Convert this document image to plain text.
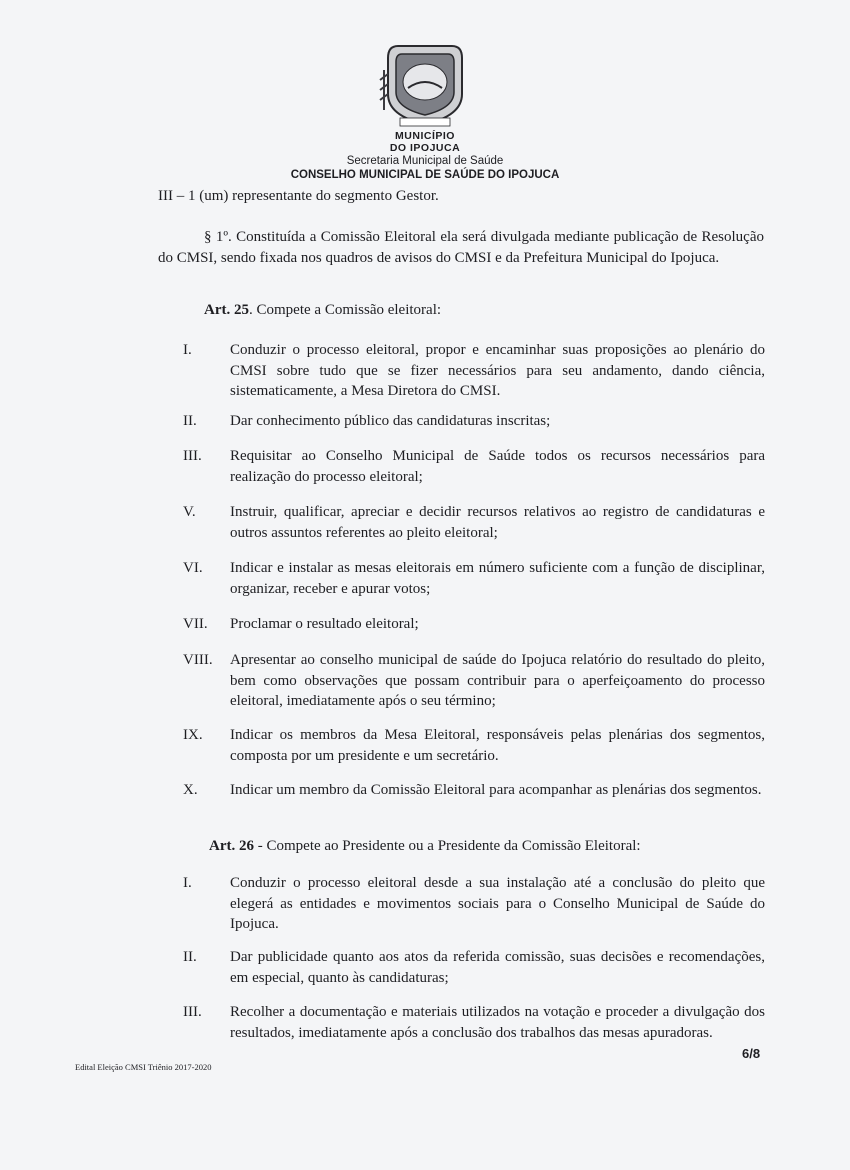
MUNICÍPIO
DO IPOJUCA
Secretaria Municipal de Saúde
CONSELHO MUNICIPAL DE SAÚDE DO IPOJUCA
III – 1 (um) representante do segmento Gestor.
§ 1º. Constituída a Comissão Eleitoral ela será divulgada mediante publicação de Resolução do CMSI, sendo fixada nos quadros de avisos do CMSI e da Prefeitura Municipal do Ipojuca.
Art. 25. Compete a Comissão eleitoral:
I.	Conduzir o processo eleitoral, propor e encaminhar suas proposições ao plenário do CMSI sobre tudo que se fizer necessários para seu andamento, dando ciência, sistematicamente, a Mesa Diretora do CMSI.
II.	Dar conhecimento público das candidaturas inscritas;
III.	Requisitar ao Conselho Municipal de Saúde todos os recursos necessários para realização do processo eleitoral;
V.	Instruir, qualificar, apreciar e decidir recursos relativos ao registro de candidaturas e outros assuntos referentes ao pleito eleitoral;
VI.	Indicar e instalar as mesas eleitorais em número suficiente com a função de disciplinar, organizar, receber e apurar votos;
VII.	Proclamar o resultado eleitoral;
VIII.	Apresentar ao conselho municipal de saúde do Ipojuca relatório do resultado do pleito, bem como observações que possam contribuir para o aperfeiçoamento do processo eleitoral, imediatamente após o seu término;
IX.	Indicar os membros da Mesa Eleitoral, responsáveis pelas plenárias dos segmentos, composta por um presidente e um secretário.
X.	Indicar um membro da Comissão Eleitoral para acompanhar as plenárias dos segmentos.
Art. 26 - Compete ao Presidente ou a Presidente da Comissão Eleitoral:
I.	Conduzir o processo eleitoral desde a sua instalação até a conclusão do pleito que elegerá as entidades e movimentos sociais para o Conselho Municipal de Saúde do Ipojuca.
II.	Dar publicidade quanto aos atos da referida comissão, suas decisões e recomendações, em especial, quanto às candidaturas;
III.	Recolher a documentação e materiais utilizados na votação e proceder a divulgação dos resultados, imediatamente após a conclusão dos trabalhos das mesas apuradoras.
Edital Eleição CMSI Triênio 2017-2020
6/8
